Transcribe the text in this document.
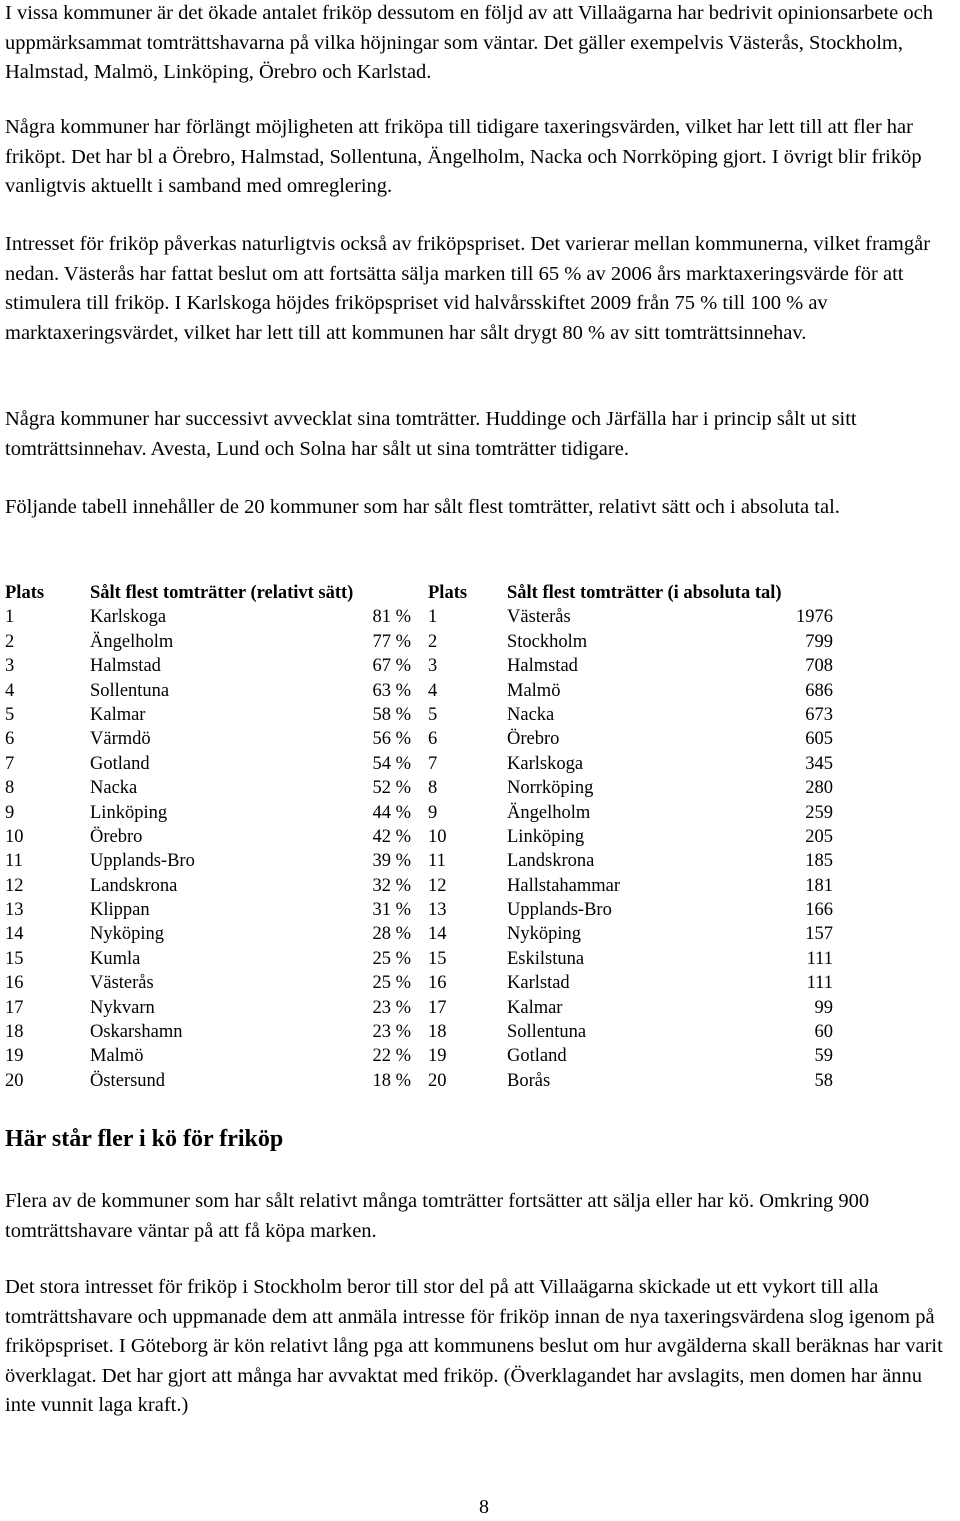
I vissa kommuner är det ökade antalet friköp dessutom en följd av att Villaägarna har bedrivit opinionsarbete och uppmärksammat tomträttshavarna på vilka höjningar som väntar. Det gäller exempelvis Västerås, Stockholm, Halmstad, Malmö, Linköping, Örebro och Karlstad.

Några kommuner har förlängt möjligheten att friköpa till tidigare taxeringsvärden, vilket har lett till att fler har friköpt. Det har bl a Örebro, Halmstad, Sollentuna, Ängelholm, Nacka och Norrköping gjort. I övrigt blir friköp vanligtvis aktuellt i samband med omreglering.

Intresset för friköp påverkas naturligtvis också av friköpspriset. Det varierar mellan kommunerna, vilket framgår nedan. Västerås har fattat beslut om att fortsätta sälja marken till 65 % av 2006 års marktaxeringsvärde för att stimulera till friköp. I Karlskoga höjdes friköpspriset vid halvårsskiftet 2009 från 75 % till 100 % av marktaxeringsvärdet, vilket har lett till att kommunen har sålt drygt 80 % av sitt tomträttsinnehav.

Några kommuner har successivt avvecklat sina tomträtter. Huddinge och Järfälla har i princip sålt ut sitt tomträttsinnehav. Avesta, Lund och Solna har sålt ut sina tomträtter tidigare.

Följande tabell innehåller de 20 kommuner som har sålt flest tomträtter, relativt sätt och i absoluta tal.

Plats Sålt flest tomträtter (relativt sätt)	Plats Sålt flest tomträtter (i absoluta tal)
1	Karlskoga	81 % 1	Västerås	1976
2	Ängelholm	77 % 2	Stockholm	799
3	Halmstad	67 % 3	Halmstad	708
4	Sollentuna	63 % 4	Malmö	686
5	Kalmar	58 % 5	Nacka	673
6	Värmdö	56 % 6	Örebro	605
7	Gotland	54 % 7	Karlskoga	345
8	Nacka	52 % 8	Norrköping	280
9	Linköping	44 % 9	Ängelholm	259
10	Örebro	42 % 10	Linköping	205
11	Upplands-Bro	39 % 11	Landskrona	185
12	Landskrona	32 % 12	Hallstahammar	181
13	Klippan	31 % 13	Upplands-Bro	166
14	Nyköping	28 % 14	Nyköping	157
15	Kumla	25 % 15	Eskilstuna	111
16	Västerås	25 % 16	Karlstad	111
17	Nykvarn	23 % 17	Kalmar	99
18	Oskarshamn	23 % 18	Sollentuna	60
19	Malmö	22 % 19	Gotland	59
20	Östersund	18 % 20	Borås	58
Här står fler i kö för friköp

Flera av de kommuner som har sålt relativt många tomträtter fortsätter att sälja eller har kö. Omkring 900 tomträttshavare väntar på att få köpa marken.

Det stora intresset för friköp i Stockholm beror till stor del på att Villaägarna skickade ut ett vykort till alla tomträttshavare och uppmanade dem att anmäla intresse för friköp innan de nya taxeringsvärdena slog igenom på friköpspriset. I Göteborg är kön relativt lång pga att kommunens beslut om hur avgälderna skall beräknas har varit överklagat. Det har gjort att många har avvaktat med friköp. (Överklagandet har avslagits, men domen har ännu inte vunnit laga kraft.)

8
